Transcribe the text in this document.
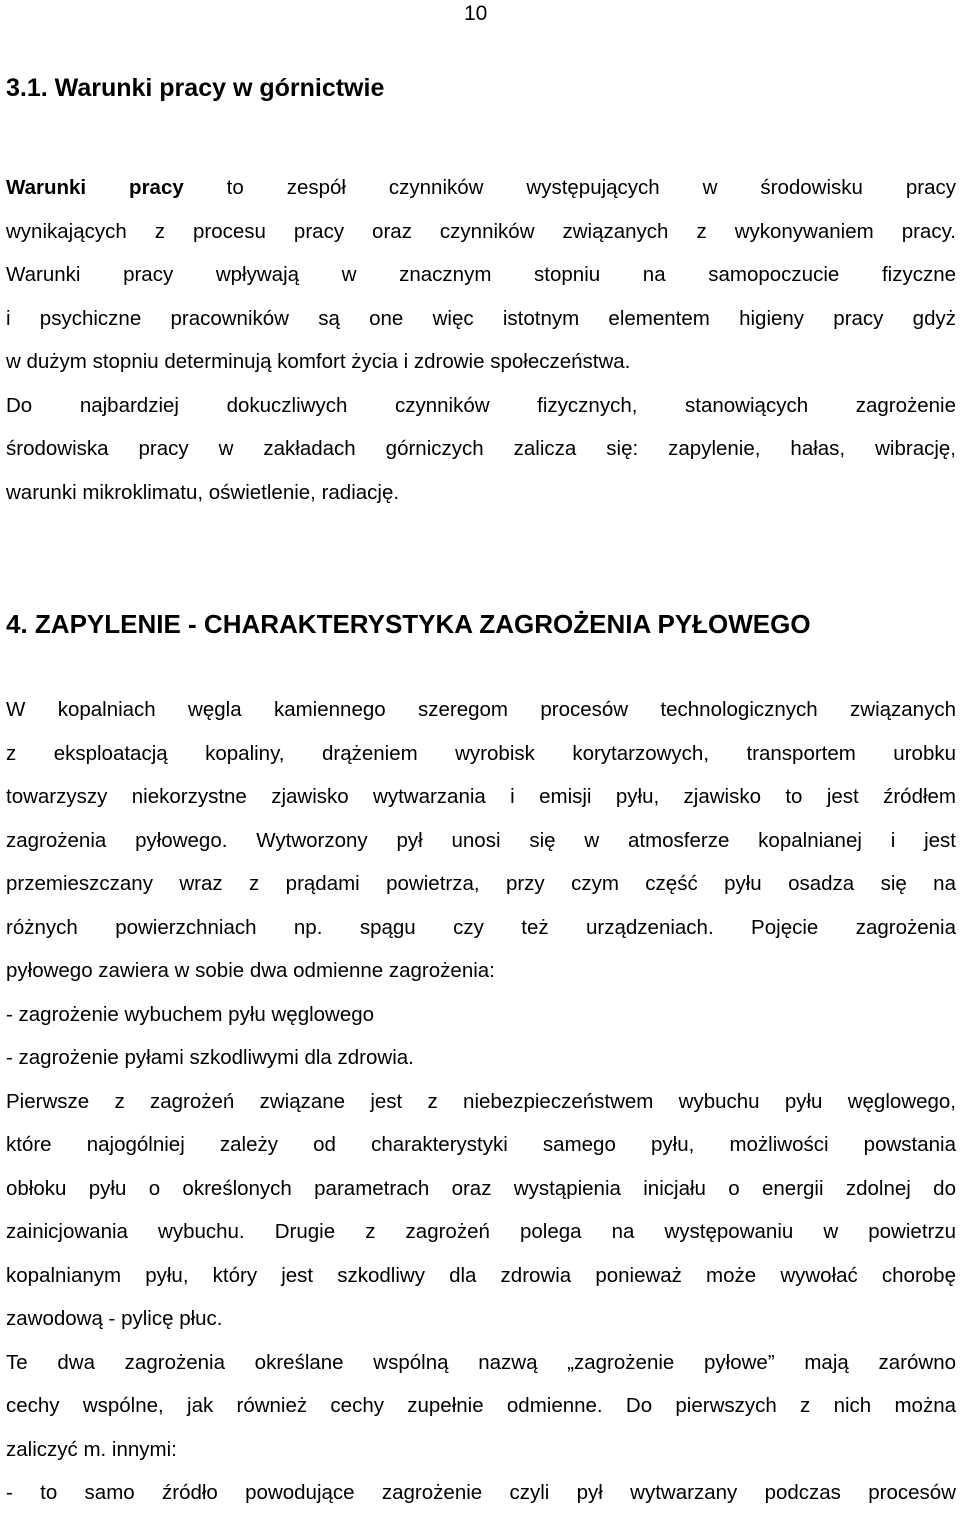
10
3.1. Warunki pracy w górnictwie
Warunki pracy to zespół czynników występujących w środowisku pracy
wynikających z procesu pracy oraz czynników związanych z wykonywaniem pracy.
Warunki pracy wpływają w znacznym stopniu na samopoczucie fizyczne
i psychiczne pracowników są one więc istotnym elementem higieny pracy gdyż
w dużym stopniu determinują komfort życia i zdrowie społeczeństwa.
Do najbardziej dokuczliwych czynników fizycznych, stanowiących zagrożenie
środowiska pracy w zakładach górniczych zalicza się: zapylenie, hałas, wibrację,
warunki mikroklimatu, oświetlenie, radiację.
4. ZAPYLENIE - CHARAKTERYSTYKA ZAGROŻENIA PYŁOWEGO
W kopalniach węgla kamiennego szeregom procesów technologicznych związanych
z eksploatacją kopaliny, drążeniem wyrobisk korytarzowych, transportem urobku
towarzyszy niekorzystne zjawisko wytwarzania i emisji pyłu, zjawisko to jest źródłem
zagrożenia pyłowego. Wytworzony pył unosi się w atmosferze kopalnianej i jest
przemieszczany wraz z prądami powietrza, przy czym część pyłu osadza się na
różnych powierzchniach np. spągu czy też urządzeniach. Pojęcie zagrożenia
pyłowego zawiera w sobie dwa odmienne zagrożenia:
- zagrożenie wybuchem pyłu węglowego
- zagrożenie pyłami szkodliwymi dla zdrowia.
Pierwsze z zagrożeń związane jest z niebezpieczeństwem wybuchu pyłu węglowego,
które najogólniej zależy od charakterystyki samego pyłu, możliwości powstania
obłoku pyłu o określonych parametrach oraz wystąpienia inicjału o energii zdolnej do
zainicjowania wybuchu. Drugie z zagrożeń polega na występowaniu w powietrzu
kopalnianym pyłu, który jest szkodliwy dla zdrowia ponieważ może wywołać chorobę
zawodową - pylicę płuc.
Te dwa zagrożenia określane wspólną nazwą „zagrożenie pyłowe” mają zarówno
cechy wspólne, jak również cechy zupełnie odmienne. Do pierwszych z nich można
zaliczyć m. innymi:
- to samo źródło powodujące zagrożenie czyli pył wytwarzany podczas procesów
